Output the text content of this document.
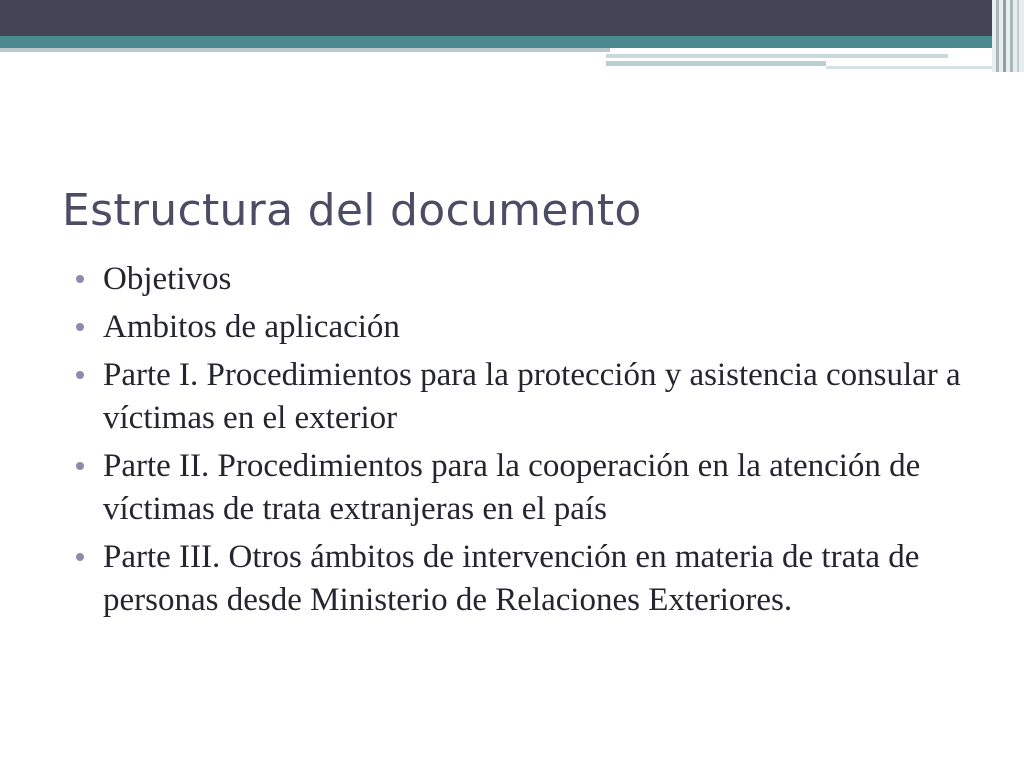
Estructura del documento
Objetivos
Ambitos de aplicación
Parte I. Procedimientos para la protección y asistencia consular a víctimas en el exterior
Parte II. Procedimientos para la cooperación en la atención de víctimas de trata extranjeras en el país
Parte III. Otros ámbitos de intervención en materia de trata de personas desde Ministerio de Relaciones Exteriores.
